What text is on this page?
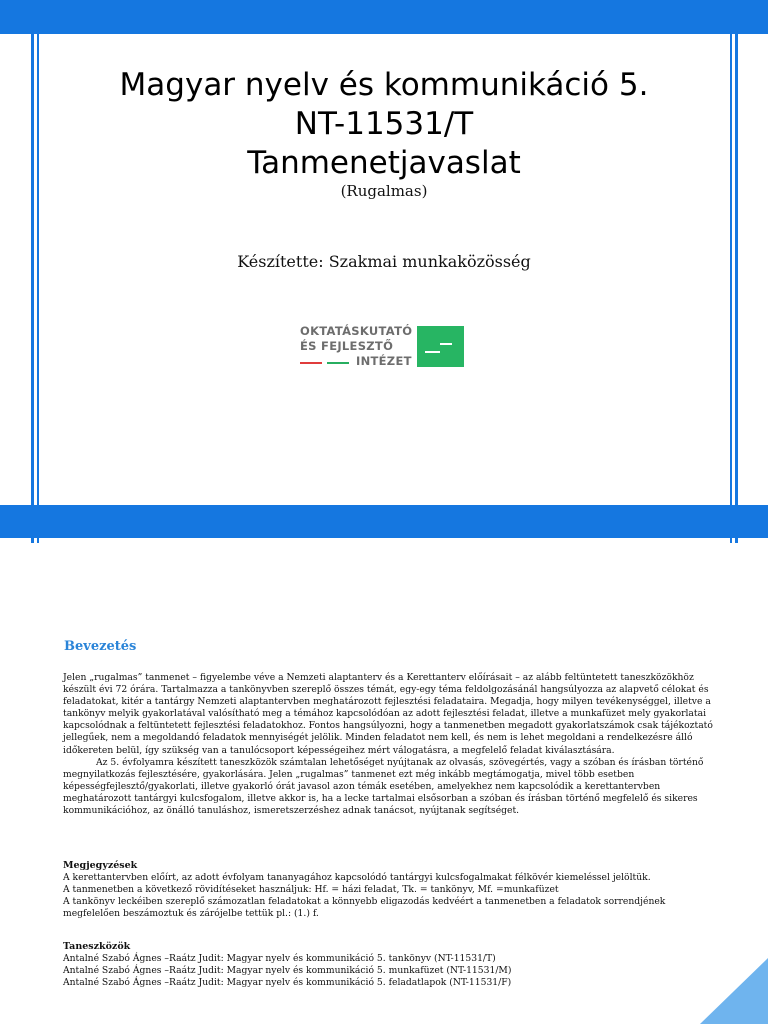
Magyar nyelv és kommunikáció 5.
NT-11531/T
Tanmenetjavaslat
(Rugalmas)
Készítette: Szakmai munkaközösség
OKTATÁSKUTATÓ
ÉS FEJLESZTŐ
INTÉZET
Bevezetés

Jelen „rugalmas” tanmenet – figyelembe véve a Nemzeti alaptanterv és a Kerettanterv előírásait – az alább feltüntetett taneszközökhöz készült évi 72 órára. Tartalmazza a tankönyvben szereplő összes témát, egy-egy téma feldolgozásánál hangsúlyozza az alapvető célokat és feladatokat, kitér a tantárgy Nemzeti alaptantervben meghatározott fejlesztési feladataira. Megadja, hogy milyen tevékenységgel, illetve a tankönyv melyik gyakorlatával valósítható meg a témához kapcsolódóan az adott fejlesztési feladat, illetve a munkafüzet mely gyakorlatai kapcsolódnak a feltüntetett fejlesztési feladatokhoz. Fontos hangsúlyozni, hogy a tanmenetben megadott gyakorlatszámok csak tájékoztató jellegűek, nem a megoldandó feladatok mennyiségét jelölik. Minden feladatot nem kell, és nem is lehet megoldani a rendelkezésre álló időkereten belül, így szükség van a tanulócsoport képességeihez mért válogatásra, a megfelelő feladat kiválasztására.

Az 5. évfolyamra készített taneszközök számtalan lehetőséget nyújtanak az olvasás, szövegértés, vagy a szóban és írásban történő megnyilatkozás fejlesztésére, gyakorlására. Jelen „rugalmas” tanmenet ezt még inkább megtámogatja, mivel több esetben képességfejlesztő/gyakorlati, illetve gyakorló órát javasol azon témák esetében, amelyekhez nem kapcsolódik a kerettantervben meghatározott tantárgyi kulcsfogalom, illetve akkor is, ha a lecke tartalmai elsősorban a szóban és írásban történő megfelelő és sikeres kommunikációhoz, az önálló tanuláshoz, ismeretszerzéshez adnak tanácsot, nyújtanak segítséget.

Megjegyzések

A kerettantervben előírt, az adott évfolyam tananyagához kapcsolódó tantárgyi kulcsfogalmakat félkövér kiemeléssel jelöltük.

A tanmenetben a következő rövidítéseket használjuk: Hf. = házi feladat, Tk. = tankönyv, Mf. =munkafüzet

A tankönyv leckéiben szereplő számozatlan feladatokat a könnyebb eligazodás kedvéért a tanmenetben a feladatok sorrendjének megfelelően beszámoztuk és zárójelbe tettük pl.: (1.) f.

Taneszközök

Antalné Szabó Ágnes –Raátz Judit: Magyar nyelv és kommunikáció 5. tankönyv (NT-11531/T)

Antalné Szabó Ágnes –Raátz Judit: Magyar nyelv és kommunikáció 5. munkafüzet (NT-11531/M)

Antalné Szabó Ágnes –Raátz Judit: Magyar nyelv és kommunikáció 5. feladatlapok (NT-11531/F)
